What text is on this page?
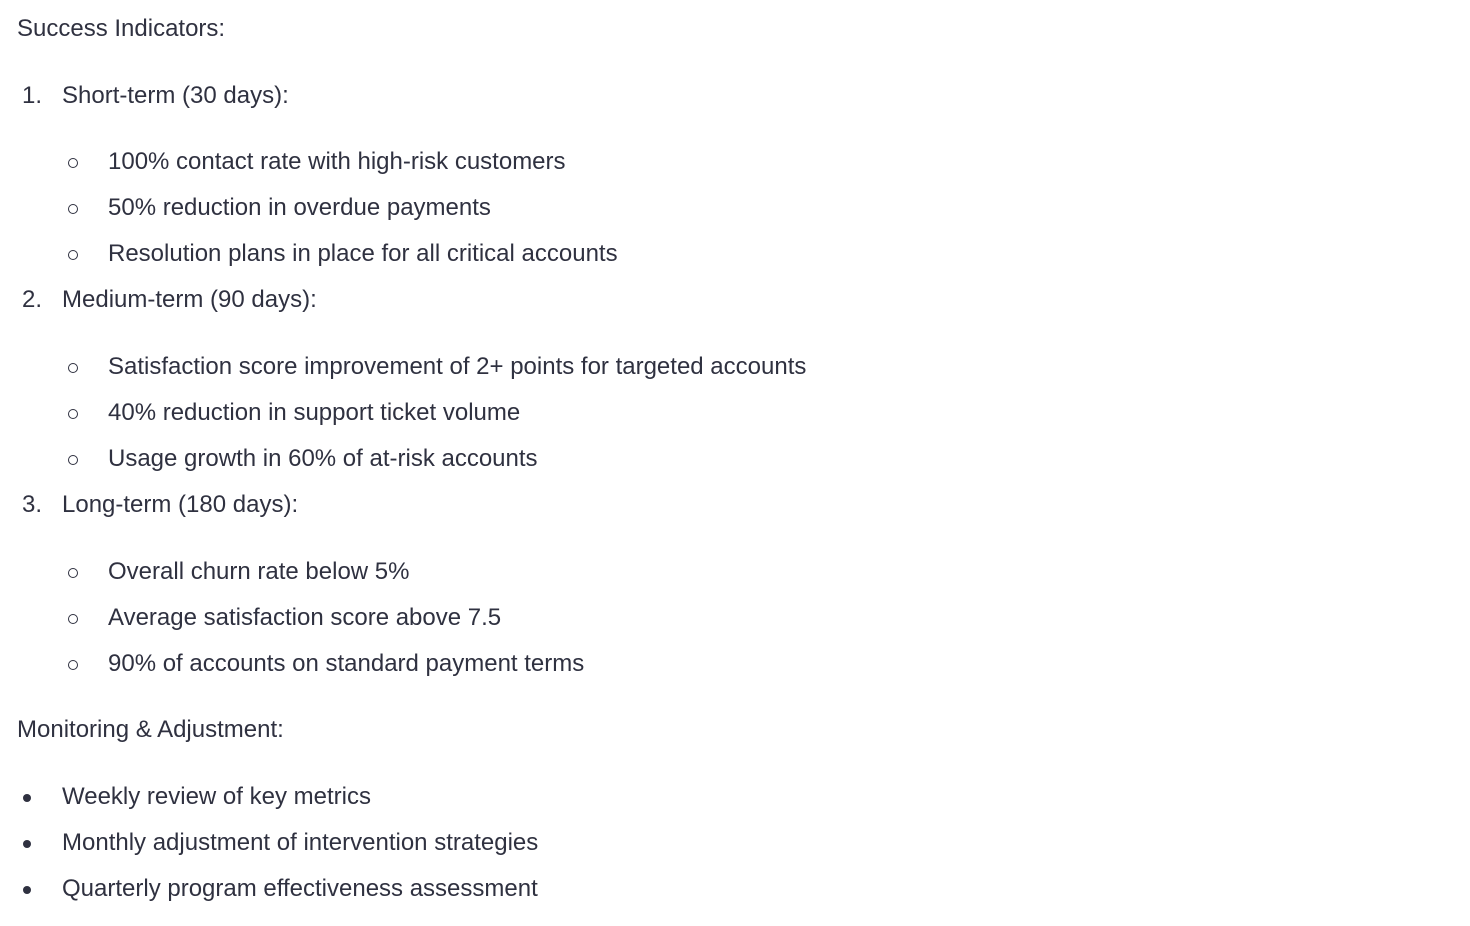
Success Indicators:
1. Short-term (30 days):
100% contact rate with high-risk customers
50% reduction in overdue payments
Resolution plans in place for all critical accounts
2. Medium-term (90 days):
Satisfaction score improvement of 2+ points for targeted accounts
40% reduction in support ticket volume
Usage growth in 60% of at-risk accounts
3. Long-term (180 days):
Overall churn rate below 5%
Average satisfaction score above 7.5
90% of accounts on standard payment terms
Monitoring & Adjustment:
Weekly review of key metrics
Monthly adjustment of intervention strategies
Quarterly program effectiveness assessment
